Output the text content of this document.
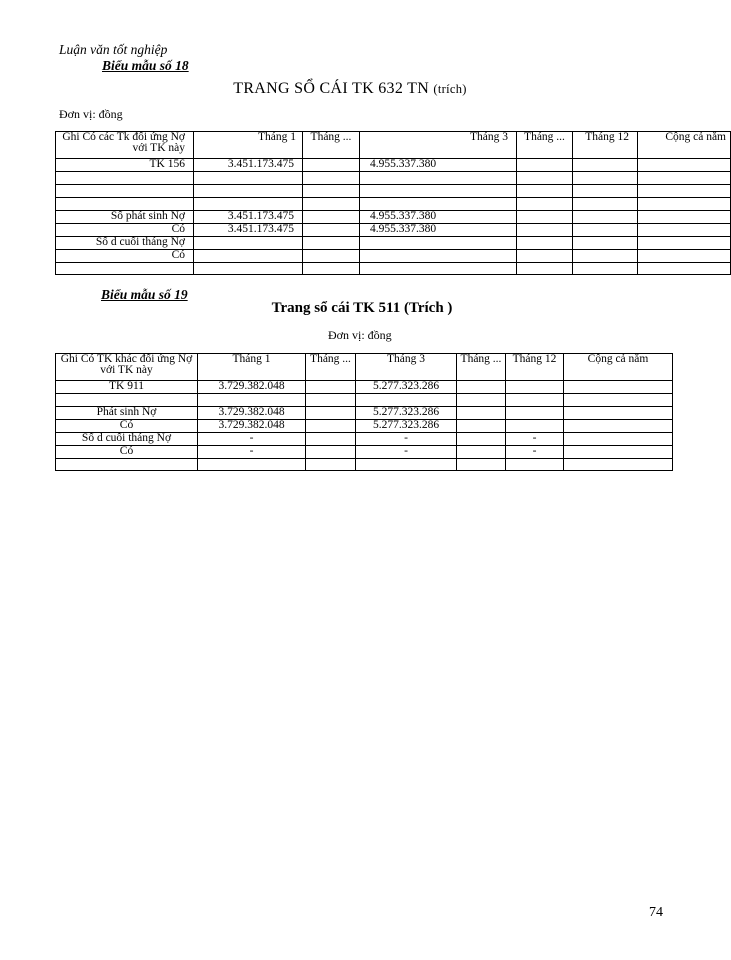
Luận văn tốt nghiệp
Biểu mẫu số 18
TRANG SỔ CÁI TK 632 TN (trích)
Đơn vị: đồng
Ghi Có các Tk đối ứng Nợ với TK này	Tháng 1	Tháng ...	Tháng 3	Tháng ...	Tháng 12	Cộng cả năm
TK 156	3.451.173.475		4.955.337.380			

Số phát sinh Nợ	3.451.173.475		4.955.337.380			
Có	3.451.173.475		4.955.337.380			
Số d cuối tháng Nợ						
Có						

Biểu mẫu số 19
Trang sổ cái TK 511 (Trích )
Đơn vị: đồng
Ghi Có TK khác đối ứng Nợ với TK này	Tháng 1	Tháng ...	Tháng 3	Tháng ...	Tháng 12	Cộng cả năm
TK 911	3.729.382.048		5.277.323.286			

Phát sinh Nợ	3.729.382.048		5.277.323.286			
Có	3.729.382.048		5.277.323.286			
Số d cuối tháng Nợ	-		-		-	
Có	-		-		-	

74
